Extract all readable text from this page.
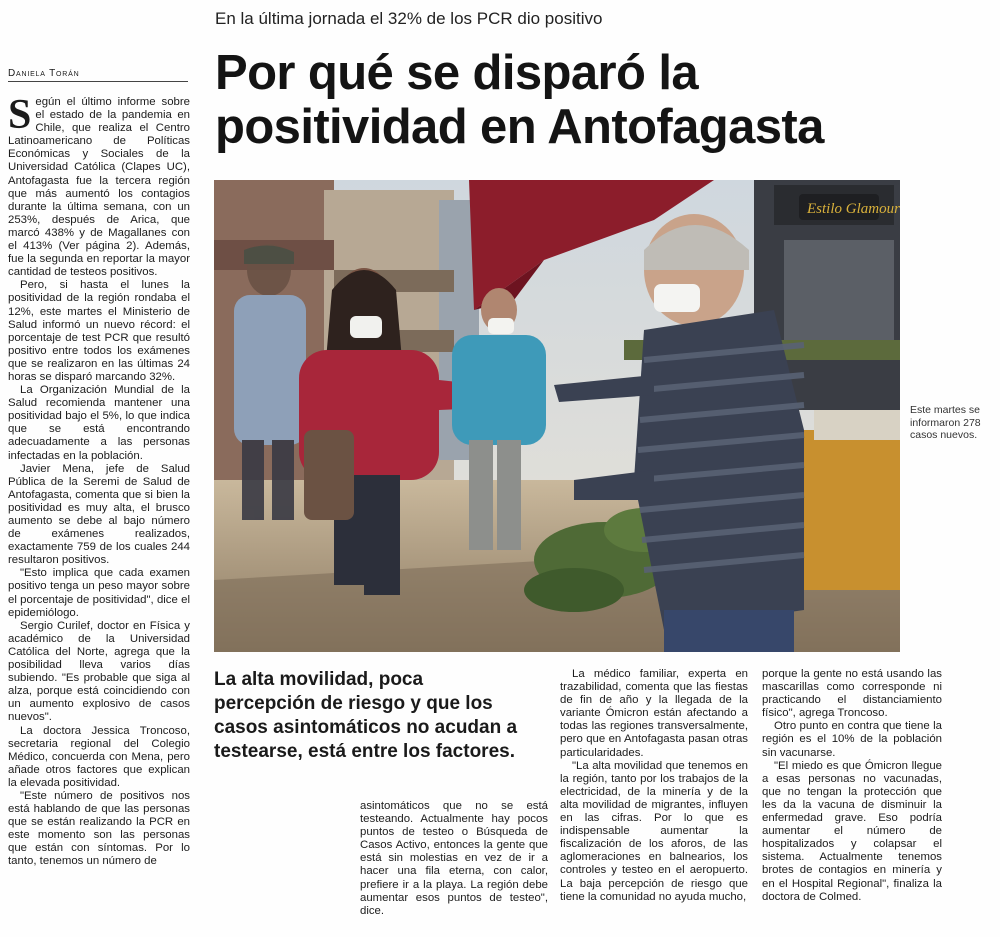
En la última jornada el 32% de los PCR dio positivo
Daniela Torán	Por qué se disparó la positividad en Antofagasta

Según el último informe sobre el estado de la pandemia en Chile, que realiza el Centro Latinoamericano de Políticas Económicas y Sociales de la Universidad Católica (Clapes UC), Antofagasta fue la tercera región que más aumentó los contagios durante la última semana, con un 253%, después de Arica, que marcó 438% y de Magallanes con el 413% (Ver página 2). Además, fue la segunda en reportar la mayor cantidad de testeos positivos.

Pero, si hasta el lunes la positividad de la región rondaba el 12%, este martes el Ministerio de Salud informó un nuevo récord: el porcentaje de test PCR que resultó positivo entre todos los exámenes que se realizaron en las últimas 24 horas se disparó marcando 32%.

La Organización Mundial de la Salud recomienda mantener una positividad bajo el 5%, lo que indica que se está encontrando adecuadamente a las personas infectadas en la población.

Javier Mena, jefe de Salud Pública de la Seremi de Salud de Antofagasta, comenta que si bien la positividad es muy alta, el brusco aumento se debe al bajo número de exámenes realizados, exactamente 759 de los cuales 244 resultaron positivos.

"Esto implica que cada examen positivo tenga un peso mayor sobre el porcentaje de positividad", dice el epidemiólogo.

Sergio Curilef, doctor en Física y académico de la Universidad Católica del Norte, agrega que la posibilidad lleva varios días subiendo. "Es probable que siga al alza, porque está coincidiendo con un aumento explosivo de casos nuevos".

La doctora Jessica Troncoso, secretaria regional del Colegio Médico, concuerda con Mena, pero añade otros factores que explican la elevada positividad.

"Este número de positivos nos está hablando de que las personas que se están realizando la PCR en este momento son las personas que están con síntomas. Por lo tanto, tenemos un número de

Estilo Glamour
Este martes se informaron 278 casos nuevos.
La alta movilidad, poca percepción de riesgo y que los casos asintomáticos no acudan a testearse, está entre los factores.

asintomáticos que no se está testeando. Actualmente hay pocos puntos de testeo o Búsqueda de Casos Activo, entonces la gente que está sin molestias en vez de ir a hacer una fila eterna, con calor, prefiere ir a la playa. La región debe aumentar esos puntos de testeo", dice.

La médico familiar, experta en trazabilidad, comenta que las fiestas de fin de año y la llegada de la variante Ómicron están afectando a todas las regiones transversalmente, pero que en Antofagasta pasan otras particularidades.

"La alta movilidad que tenemos en la región, tanto por los trabajos de la electricidad, de la minería y de la alta movilidad de migrantes, influyen en las cifras. Por lo que es indispensable aumentar la fiscalización de los aforos, de las aglomeraciones en balnearios, los controles y testeo en el aeropuerto. La baja percepción de riesgo que tiene la comunidad no ayuda mucho,

porque la gente no está usando las mascarillas como corresponde ni practicando el distanciamiento físico", agrega Troncoso.

Otro punto en contra que tiene la región es el 10% de la población sin vacunarse.

"El miedo es que Ómicron llegue a esas personas no vacunadas, que no tengan la protección que les da la vacuna de disminuir la enfermedad grave. Eso podría aumentar el número de hospitalizados y colapsar el sistema. Actualmente tenemos brotes de contagios en minería y en el Hospital Regional", finaliza la doctora de Colmed.
